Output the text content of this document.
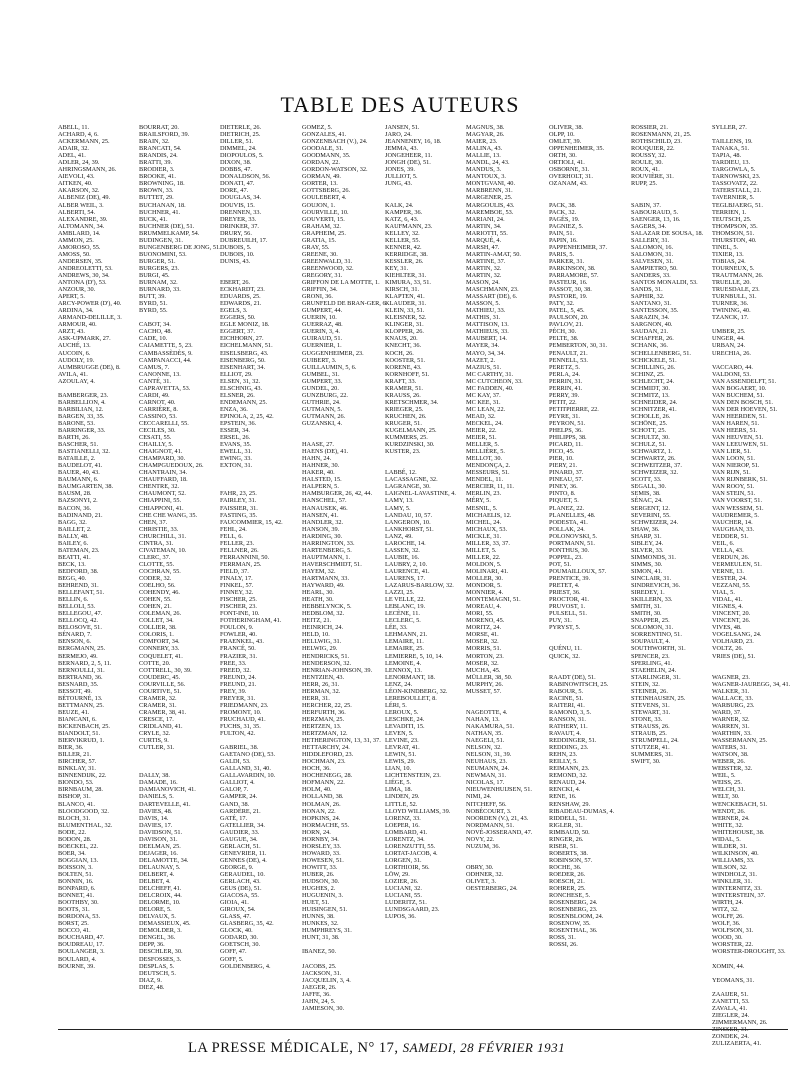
TABLE DES AUTEURS
ABELL, 11.
ACHARD, 4, 6.
ACKERMANN, 25.
ADAIR, 32.
ADEL, 41.
ADLER, 24, 39.
AHRINGSMANN, 26.
AIEVOLI, 43.
AITKEN, 40.
AKARSON, 32.
ALBENIZ (DE), 49.
ALBER WEIL, 3.
ALBERTI, 54.
ALEXANDRE, 39.
ALTOMANN, 34.
AMBLARD, 14.
AMMON, 25.
AMOROSO, 55.
AMOSS, 50.
ANDERSEN, 35.
ANDREOLETTI, 53.
ANDREWS, 30, 34.
ANTONA (D'), 53.
ANZOUR, 30.
APERT, 5.
ARCY-POWER (D'), 40.
ARDINA, 34.
ARMAND-DELILLE, 3.
ARMOUR, 40.
ARZT, 43.
ASK-UPMARK, 27.
AUCHÉ, 13.
AUCOIN, 6.
AUDOLY, 19.
AUMBRUGGE (DE), 8.
AVILA, 41.
AZOULAY, 4.

BAMBERGER, 23.
BARBELLION, 4.
BARBILIAN, 12.
BARGEN, 33, 35.
BARONE, 53.
BARRINGER, 33.
BARTH, 26.
BASCHER, 51.
BASTIANELLI, 32.
BATAILLE, 2.
BAUDELOT, 41.
BAUER, 40, 43.
BAUMANN, 6.
BAUMGARTEN, 38.
BAUSM, 28.
BAZSONYI, 2.
BACON, 36.
BADINAND, 21.
BAGG, 32.
BAILLET, 2.
BALLY, 48.
BAILEY, 6.
BATEMAN, 23.
BEATTI, 41.
BECK, 13.
BEDFORD, 38.
BEGG, 40.
BEHREND, 31.
BELLEFANT, 51.
BELLIN, 6.
BELLOLI, 53.
BELLEGOU, 47.
BELLOCQ, 42.
BELOSOVE, 51.
BÉNARD, 7.
BENSON, 6.
BERGMANN, 25.
BERMEJO, 49.
BERNARD, 2, 5, 11.
BERNOULLI, 31.
BERTRAND, 36.
BESNARD, 35.
BESSOT, 49.
BÉTOURNÉ, 13.
BETTMANN, 25.
BEUZE, 41.
BIANCANI, 6.
BICKENBACH, 25.
BIANDOLT, 51.
BIERVIKRUD, 1.
BIER, 36.
BILLER, 21.
BIRCHER, 57.
BINKLAY, 31.
BINNENDIJK, 22.
BIONDO, 53.
BIRNBAUM, 28.
BISHOP, 31.
BLANCO, 41.
BLOODGOOD, 32.
BLOCH, 31.
BLUMENTHAL, 32.
BODE, 22.
BODON, 28.
BOECKEL, 22.
BOER, 34.
BOGGIAN, 13.
BOISSON, 3.
BOLTEN, 51.
BONNIN, 16.
BONPARD, 6.
BONNET, 41.
BOOTHBY, 30.
BOOTS, 31.
BORDONA, 53.
BORST, 25.
BOCCO, 41.
BOUCHARD, 47.
BOUDREAU, 17.
BOULANGER, 3.
BOULARD, 4.
BOURNE, 39.
BOURRAT, 20.
BRAILSFORD, 39.
BRAIN, 32.
BRANCATI, 54.
BRANDIS, 24.
BRATTI, 39.
BRODIER, 3.
BROOKE, 41.
BROWNING, 18.
BROWN, 33.
BUTTET, 29.
BUCHANAN, 18.
BUCHNER, 41.
BUCK, 41.
BUCHNER (DE), 51.
BRUMMELKAMP, 54.
BUDINGEN, 31.
BUNGENBERG DE JONG, 51.
BUONOMINI, 53.
BURGER, 51.
BURGERS, 23.
BURGI, 45.
BURNAM, 32.
BURNARD, 33.
BUTT, 39.
BYRD, 51.
BYRD, 55.

CABOT, 34.
CACHO, 48.
CADE, 10.
CAIAMETTE, 5, 23.
CAMBASSÈDÈS, 9.
CAMPANACCI, 44.
CAMUS, 7.
CANONNE, 13.
CANTÉ, 31.
CAPRAVETTA, 53.
CARDI, 49.
CARNOT, 40.
CARRIÉRE, 8.
CASSINO, 53.
CECCARELLI, 55.
CECILES, 30.
CESATI, 55.
CHAILLY, 5.
CHAIGNOT, 41.
CHAMPARD, 30.
CHAMPGUEDOUX, 26.
CHANTRAIN, 34.
CHAUFFARD, 18.
CHENTRE, 32.
CHAUMONT, 52.
CHIAPPINI, 55.
CHIAPPONI, 41.
CHE CHE WANG, 35.
CHEN, 37.
CHRISTIE, 33.
CHURCHILL, 31.
CINTRA, 31.
CIVATEMAN, 10.
CLERC, 37.
CLOTTE, 55.
COCHRAN, 55.
CODER, 32.
COELHO, 56.
COHENDY, 46.
COHEN, 55.
COHEN, 21.
COLEMAN, 26.
COLLET, 34.
COLLIER, 38.
COLORIS, 1.
COMFORT, 34.
CONNERY, 33.
COQUELET, 41.
COTTE, 20.
COTTRELL, 30, 39.
COUDERC, 45.
COURVILLE, 56.
COURTIVE, 51.
CRAMER, 32.
CRAMER, 31.
CRAMER, 38, 41.
CRESCE, 17.
CRIDLAND, 41.
CRYLE, 32.
CURTIS, 9.
CUTLER, 31.

DALLY, 38.
DAMADE, 16.
DAMIANOVICH, 41.
DANIELS, 5.
DARTEVELLE, 41.
DAVIES, 48.
DAVIS, 14.
DAVIES, 17.
DAVIDSON, 51.
DAVISON, 31.
DEELMAN, 25.
DEJAGER, 16.
DELAMOTTE, 34.
DELAUNAY, 5.
DELBERT, 4.
DELBET, 4.
DELCHEFF, 41.
DELCROIX, 44.
DELORME, 10.
DELORE, 5.
DELVAUX, 5.
DEMASSIEUX, 45.
DEMOLDER, 3.
DENGEL, 36.
DEPP, 36.
DESCHLER, 30.
DESFOSSES, 3.
DESPLAS, 5.
DEUTSCH, 5.
DIAZ, 9.
DIEZ, 48.
DIETERLE, 26.
DIETRICH, 25.
DILLER, 51.
DIMMEL, 24.
DIOPOULOS, 5.
DIXON, 38.
DOBBS, 47.
DONALDSON, 56.
DONATI, 47.
DORE, 47.
DOUGLAS, 34.
DOUVIS, 15.
DRENNEN, 33.
DREYER, 33.
DRINKER, 37.
DRURY, 56.
DUBREUILH, 17.
DUBOIS, 5.
DUBOIS, 10.
DUNIS, 43.

EBERT, 26.
ECKHARDT, 23.
EDUARDS, 25.
EDWARDS, 21.
EGELS, 3.
EGGERS, 50.
EGLE MONIZ, 18.
EGGERT, 37.
EICHHORN, 27.
EICHELMANN, 51.
EISELSBERG, 43.
EISENBERG, 50.
EISENHART, 34.
ELLIOT, 29.
ELSEN, 31, 32.
ELSCHNIG, 43.
ELSNER, 26.
ENDEMANN, 25.
ENZA, 36.
EPINOLA, 2, 25, 42.
EPSTEIN, 36.
ESSER, 34.
ERSEL, 26.
EVANS, 35.
EWELL, 31.
EWING, 33.
EXTON, 31.

FAHR, 23, 25.
FAIRLEY, 31.
FAISSIER, 31.
FASTING, 35.
FAUCOMMIER, 15, 42.
FEHL, 24.
FELL, 6.
FELLER, 23.
FELLNER, 26.
FERRANNINI, 50.
FERRMAN, 25.
FIELD, 37.
FINALY, 17.
FINKEL, 57.
FINNEY, 32.
FISCHER, 25.
FISCHER, 23.
FONT-INE, 10.
FOTHERINGHAM, 41.
FOULON, 9.
FOWLER, 40.
FRAENKEL, 43.
FRANCÉ, 50.
FRAZIER, 31.
FREE, 33.
FREED, 32.
FREUND, 24.
FREUND, 21.
FREY, 39.
FREYER, 31.
FRIEDMANN, 23.
FROMONT, 10.
FRUCHAUD, 41.
FUCHS, 31, 35.
FULTON, 42.

GABRIEL, 38.
GAETANO (DE), 53.
GALDI, 53.
GALLAND, 31, 40.
GALLAVARDIN, 10.
GALLIOT, 4.
GALOP, 7.
GAMPER, 24.
GAND, 38.
GARDÈRE, 21.
GATÉ, 17.
GATELLIER, 34.
GAUDIER, 33.
GAUGUE, 34.
GERLACH, 51.
GENEVRIER, 11.
GENNES (DE), 4.
GEORGE, 9.
GERAUDEL, 10.
GERLACH, 43.
GEUS (DE), 51.
GIACOSA, 55.
GIOIA, 41.
GIROUX, 54.
GLASS, 47.
GLASBERG, 35, 42.
GLOCK, 40.
GODARD, 30.
GOETSCH, 30.
GOFF, 47.
GOFF, 5.
GOLDENBERG, 4.
GOMEZ, 5.
GONZALES, 41.
GONZENBACH (V.), 24.
GOODALE, 31.
GOODMANN, 35.
GORDAN, 22.
GORDON-WATSON, 32.
GORMAN, 49.
GORTER, 13.
GOTTSBERG, 26.
GOULEBERT, 4.
GOUJON, 1.
GOURVILLE, 10.
GOUVERTI, 15.
GRAHAM, 32.
GRAPHEIM, 25.
GRATIA, 15.
GRAY, 55.
GREENE, 30.
GREENWALD, 31.
GREENWOOD, 32.
GREGORY, 31.
GRIFFON DE LA MOTTE, 1.
GRIFFIN, 34.
GRONI, 36.
GRUNFELD DE BRAN-GER, 6.
GUMPERT, 44.
GUERIN, 10.
GUERRAZ, 48.
GUERIN, 3, 4.
GUIRAUD, 51.
GUERNIER, 1.
GUGGENHEIMER, 23.
GUIBERT, 3.
GUILLAUMIN, 5, 6.
GUMBEL, 31.
GUMPERT, 33.
GUNDEL, 20.
GUNZBURG, 22.
GUTHRIE, 24.
GUTMANN, 5.
GUTMANN, 26.
GUZANSKI, 4.

HAASE, 27.
HAENS (DE), 41.
HAHN, 24.
HAHNER, 30.
HAKER, 40.
HALSTED, 15.
HALPERN, 5.
HAMBURGER, 26, 42, 44.
HANSCHEL, 57.
HANAUSEK, 46.
HANSEN, 41.
HANDLER, 32.
HANSON, 39.
HARDING, 30.
HARRINGTON, 33.
HARTENBERG, 5.
HAUPTMANN, 1.
HAVERSCHMIDT, 51.
HAYEM, 32.
HARTMANN, 33.
HAYWARD, 49.
HEARL, 30.
HEATH, 30.
HEBBELYNCK, 5.
HEDBLOM, 32.
HEITZ, 21.
HEINRICH, 24.
HELD, 10.
HELLWIG, 31.
HELWIG, 29.
HENDRICKS, 51.
HENDERSON, 32.
HENRIAN-JOHNSON, 39.
HENTZIEN, 43.
HERR, 26, 31.
HERMAN, 32.
HERR, 31.
HERCHER, 22, 25.
HERFURTH, 36.
HERZMAN, 25.
HERTZEN, 13.
HERTZMAN, 12.
HETHERINGTON, 13, 31, 37.
HETTARCHY, 24.
HIDDLEFORD, 23.
HOCHMAN, 23.
HOCH, 36.
HOCHENEGG, 28.
HOFMANN, 22.
HOLM, 40.
HOLLAND, 38.
HOLMAN, 26.
HONAN, 22.
HOPKINS, 24.
HORMACHE, 55.
HORN, 24.
HORNBY, 34.
HORSLEY, 33.
HOWARD, 33.
HOWESEN, 51.
HOWITT, 33.
HUBER, 26.
HUDSON, 30.
HUGHES, 2.
HUGUENIN, 3.
HUET, 51.
HUISINGEN, 51.
HUNNS, 38.
HUNKES, 32.
HUMPHREYS, 31.
HUNT, 31, 38.

IBANEZ, 50.

JACOBS, 25.
JACKSON, 31.
JACQUELIN, 3, 4.
JAEGER, 26.
JAFFE, 36.
JAHN, 24, 5.
JAMIESON, 30.
JANSEN, 51.
JARO, 24.
JEANNENEY, 16, 18.
JEMMA, 43.
JONGEHEER, 11.
JONGH (DE), 51.
JONES, 39.
JULLIOT, 5.
JUNG, 43.

KALK, 24.
KAMPER, 36.
KATZ, 6, 43.
KAUFMANN, 23.
KELLEY, 32.
KELLER, 55.
KENNER, 42.
KERRIDGE, 38.
KESSLER, 26.
KEY, 31.
KIEHLTER, 31.
KIMURA, 33, 51.
KIRSCH, 31.
KLAPTEN, 41.
KLAUDER, 31.
KLEIN, 33, 51.
KLEISNER, 52.
KLINGER, 31.
KLOPPER, 26.
KNAUS, 20.
KNECHT, 36.
KOCH, 26.
KOOSTER, 51.
KORENE, 43.
KORNHOFF, 51.
KRAFT, 33.
KRAMER, 51.
KRAUSS, 26.
KRETSCHMER, 34.
KRIEGER, 25.
KRUCHEN, 26.
KRUGER, 51.
KUGELMANN, 25.
KUMMERS, 25.
KURDZINSKI, 30.
KUSTER, 23.

LABBÉ, 12.
LACASSAGNE, 32.
LAGRANGE, 30.
LAIGNEL-LAVASTINE, 4.
LAMY, 13.
LAMY, 5.
LANDAU, 10, 57.
LANGERON, 10.
LANKHORST, 51.
LANZ, 49.
LAROCHE, 14.
LASSEN, 32.
LAUBIE, 16.
LAUBRY, 2, 10.
LAURENCE, 41.
LAURENS, 17.
LAZARUS-BARLOW, 32.
LAZZI, 25.
LE VELLE, 22.
LEBLANC, 19.
LECÈNE, 11.
LECLERC, 5.
LÉE, 33.
LEHMANN, 21.
LEMAIRE, 11.
LEMAIRE, 25.
LEMIERRE, 5, 10, 14.
LEMOINE, 4.
LENNOX, 13.
LENORMANT, 18.
LENZ, 24.
LÉON-KINDBERG, 32.
LEREBOULLET, 8.
LÉRI, 5.
LEROUX, 5.
LESCHKE, 24.
LEVADITI, 15.
LEVEN, 5.
LEVINE, 23.
LEVRAT, 41.
LEWIN, 51.
LEWIS, 29.
LIAN, 10.
LICHTENSTEIN, 23.
LIÉGE, 5.
LIMA, 18.
LINDEN, 29.
LITTLE, 52.
LLOYD WILLIAMS, 39.
LORENZ, 33.
LOEPER, 16.
LOMBARD, 41.
LORENTZ, 34.
LORENZUTTI, 55.
LORTAT-JACOB, 4.
LORGEN, 31.
LORTHIOIR, 56.
LÖW, 29.
LOZIER, 26.
LUCIANI, 32.
LUCIANI, 55.
LUDERITZ, 51.
LUNDSGAARD, 23.
LUPOS, 36.
MAGNUS, 38.
MAGYAR, 26.
MAIER, 23.
MALINA, 43.
MALLIE, 13.
MANDL, 24, 43.
MANDUS, 3.
MANTOUX, 3.
MONTGVANI, 40.
MARBRENN, 31.
MARGENER, 25.
MARGOULIS, 43.
MAREMBOE, 53.
MARIANI, 24.
MARTIN, 34.
MARIOTTI, 55.
MARQUÉ, 4.
MARSH, 47.
MARTIN-AMAT, 50.
MARTINE, 37.
MARTIN, 32.
MARTIN, 32.
MASON, 24.
MASCHMANN, 23.
MASSART (DE), 6.
MASSON, 5.
MATHIEU, 33.
MATHIS, 31.
MATTISON, 13.
MATHIEUS, 33.
MAUBERT, 14.
MAYER, 34.
MAYO, 34, 34.
MAZET, 2.
MAZIUS, 51.
MC CARTHY, 31.
MC CUTCHEON, 33.
MC FADDEN, 40.
MC KAY, 37.
MC KEE, 31.
MC LEAN, 22.
MEAD, 32.
MECKEL, 24.
MEIER, 22.
MEIER, 51.
MELLER, 5.
MELLIÈRE, 5.
MELLOT, 30.
MENDONÇA, 2.
MESSEURS, 51.
MENDEL, 11.
MERCIER, 11, 11.
MERLIN, 23.
MÉRY, 5.
MESNIL, 5.
MICHAELIS, 12.
MICHEL, 24.
MICHAUX, 53.
MICKLE, 31.
MILLER, 33, 37.
MILLET, 5.
MILLER, 22.
MOLDON, 5.
MOLINARI, 41.
MOLLER, 30.
MONDOR, 5.
MONNIER, 4.
MONTEMAGNI, 51.
MOREAU, 4.
MORI, 55.
MORENO, 45.
MORITZ, 24.
MORSE, 41.
MOSER, 32.
MORRIS, 51.
MORTON, 23.
MOSER, 32.
MUCHA, 45.
MÜLLER, 38, 50.
MURPHY, 26.
MUSSET, 57.

NAGEOTTE, 4.
NAHAN, 13.
NAKAMURA, 51.
NATHAN, 35.
NAEGELI, 51.
NELSON, 32.
NELSON, 31, 39.
NEUHAUS, 23.
NEUMANN, 24.
NEWMAN, 31.
NICOLAS, 17.
NIEUWENHUIJSEN, 51.
NIMI, 24.
NITCHEFF, 56.
NOBÉCOURT, 3.
NOORDEN (V.), 21, 43.
NORDMANN, 51.
NOVÉ-JOSSERAND, 47.
NOVY, 22.
NUZUM, 36.

OBRY, 30.
ODHNER, 32.
OLIVET, 3.
OESTERBERG, 24.
OLIVER, 38.
OLPP, 10.
OMLET, 39.
OPPENHEIMER, 35.
ORTH, 30.
ORTIOLI, 41.
OSBORNE, 31.
OVERHOLT, 31.
OZANAM, 43.

PACK, 38.
PACK, 32.
PAGÉS, 19.
PAGNIEZ, 5.
PAIN, 51.
PAPIN, 16.
PAPPENHEIMER, 37.
PARIS, 5.
PARKER, 31.
PARKINSON, 38.
PARRAMORE, 57.
PASTEUR, 16.
PASSOT, 30, 38.
PASTORE, 19.
PATY, 32.
PATEL, 5, 45.
PAULSON, 20.
PAVLOV, 21.
PÉCH, 30.
PELTE, 38.
PEMBERTON, 30, 31.
PENAULT, 21.
PENNELL, 53.
PERETZ, 5.
PERLA, 24.
PERRIN, 31.
PERRIN, 41.
PERRY, 39.
PETIT, 22.
PETITPIERRE, 22.
PEYRE, 31.
PEYRON, 51.
PHELPS, 36.
PHILIPPS, 38.
PICARD, 11.
PICO, 45.
PIER, 10.
PIERY, 21.
PINARD, 37.
PINEAU, 57.
PINEY, 36.
PINTO, 8.
PIQUET, 5.
PLANEZ, 22.
PLANELLES, 48.
PODESTA, 41.
POLLAK, 24.
POLONOVSKI, 5.
PORTMANN, 51.
PONTHUS, 30.
POPPEL, 23.
POT, 51.
POUMAILLOUX, 57.
PRENTICE, 39.
PRETET, 4.
PRIEST, 36.
PROCTOR, 41.
PRUVOST, 1.
PULSELL, 51.
PUY, 31.
PYRYST, 5.

QUÉNU, 11.
QUICK, 32.

RAADT (DE), 51.
RABINOWITSCH, 25.
RABOUR, 5.
RACINE, 51.
RAITERI, 41.
RAMOND, 3, 5.
RANSON, 31.
RATHERY, 11.
RAVAUT, 4.
REDDINGER, 51.
REDDING, 23.
REHN, 23.
REILLY, 5.
REIMANN, 23.
REMOND, 32.
RENAUD, 24.
RENCKI, 4.
RENE, 16.
RENSHAW, 29.
RIBADEAU-DUMAS, 4.
RIDDELL, 51.
RIGLER, 31.
RIMBAUD, 50.
RINGER, 26.
RISER, 51.
ROBERTS, 38.
ROBINSON, 57.
ROCHE, 36.
ROEDER, 26.
ROESCH, 21.
ROHRER, 25.
RONCHESE, 5.
ROSENBERG, 24.
ROSENBERG, 23.
ROSENBLOOM, 24.
ROSENOW, 35.
ROSENTHAL, 36.
ROSS, 31.
ROSSI, 26.
ROSSIER, 21.
ROSENMANN, 21, 25.
ROTHSCHILD, 23.
ROUQUIER, 22.
ROUSSY, 32.
ROULE, 30.
ROUX, 41.
ROUVIÈRE, 31.
RUPP, 25.

SABIN, 37.
SABOURAUD, 5.
SAENGER, 13, 16.
SAGERS, 34.
SALAZAR DE SOUSA, 18.
SALLERY, 31.
SALOMON, 16.
SALOMON, 31.
SALVESEN, 31.
SAMPIETRO, 50.
SANDERS, 33.
SANTOS MONALDI, 53.
SANDS, 31.
SAPHIR, 32.
SANTANO, 31.
SANTESSON, 35.
SARAZIN, 34.
SARGNON, 40.
SAUDAN, 21.
SCHAFFER, 26.
SCHANK, 36.
SCHELLENBERG, 51.
SCHICKELE, 51.
SCHILLING, 26.
SCHINZ, 25.
SCHLECHT, 24.
SCHMIDT, 30.
SCHMITZ, 13.
SCHNEIDER, 24.
SCHNITZER, 41.
SCHOLLE, 26.
SCHÖNE, 25.
SCHOTT, 25.
SCHULTZ, 30.
SCHULZ, 51.
SCHWARTZ, 1.
SCHWARTZ, 26.
SCHWEITZER, 37.
SCHWEIZER, 32.
SCOTT, 33.
SEGALL, 30.
SEMIS, 38.
SÉNAC, 24.
SERGENT, 12.
SEVERINI, 55.
SCHWEIZER, 24.
SHAW, 36.
SHARP, 31.
SIBLEY, 24.
SILVER, 33.
SIMMONDS, 31.
SIMMS, 30.
SIMON, 41.
SINCLAIR, 31.
SINDREVICH, 36.
SIREDEY, 1.
SKILLERN, 33.
SMITH, 31.
SMITH, 30.
SNAPPER, 25.
SOLOMON, 31.
SORRENTINO, 51.
SOUPAULT, 4.
SOUTHWORTH, 31.
SPENCER, 23.
SPERLING, 41.
STAEHELIN, 24.
STARLINGER, 31.
STEIN, 32.
STEINER, 26.
STEINHAUSEN, 25.
STEVENS, 31.
STEWART, 31.
STONE, 33.
STRAUSS, 26.
STRAUB, 25.
STRUMPELL, 24.
STUTZER, 41.
SUMMERS, 31.
SWIFT, 30.
SYLLER, 27.

TAILLENS, 19.
TANAKA, 51.
TAPIA, 48.
TARDIEU, 13.
TARGOWLA, 5.
TARNOWSKI, 23.
TASSOVATZ, 22.
TATERSTALL, 21.
TAVERNIER, 5.
TEGLBJAERG, 51.
TERRIEN, 1.
TEUTSCH, 25.
THOMPSON, 35.
THOMSON, 51.
THURSTON, 40.
TINEL, 5.
TIXIER, 13.
TOBIAS, 24.
TOURNEUX, 5.
TRAUTMANN, 26.
TRUELLE, 20.
TRUESDALE, 23.
TURNBULL, 31.
TURNER, 36.
TWINING, 40.
TZANCK, 17.

UMBER, 25.
UNGER, 44.
URBAN, 24.
URECHIA, 26.

VACCARO, 44.
VALDONI, 53.
VAN ASSENDELFT, 51.
VAN BOGAERT, 10.
VAN BUCHEM, 51.
VAN DEN BOSCH, 51.
VAN DER HOEVEN, 51.
VAN HEERDEN, 51.
VAN HAREN, 51.
VAN HEERS, 51.
VAN HEUVEN, 51.
VAN LEEUWEN, 51.
VAN LIER, 51.
VAN LOON, 51.
VAN NIEROP, 51.
VAN RIJN, 51.
VAN RIJNBERK, 51.
VAN ROOY, 51.
VAN STEIN, 51.
VAN VOORST, 51.
VAN WESSEM, 51.
VAUDREMER, 5.
VAUCHER, 14.
VAUGHAN, 33.
VEDDER, 51.
VEIL, 6.
VELLA, 43.
VERDUN, 26.
VERMEULEN, 51.
VERNE, 13.
VESTER, 24.
VEZZANI, 55.
VIAL, 5.
VIDAL, 41.
VIGNES, 4.
VINCENT, 20.
VINCENT, 26.
VIVES, 48.
VOGELSANG, 24.
VOLHARD, 23.
VOLTZ, 26.
VRIES (DE), 51.

WAGNER, 23.
WAGNER-JAUREGG, 34, 41.
WALKER, 31.
WALLACE, 33.
WARBURG, 23.
WARD, 37.
WARNER, 32.
WARREN, 31.
WARTHIN, 33.
WASSERMANN, 25.
WATERS, 31.
WATSON, 38.
WEBER, 26.
WEBSTER, 32.
WEIL, 5.
WEISS, 25.
WELCH, 31.
WELT, 30.
WENCKEBACH, 51.
WENDT, 26.
WERNER, 24.
WHITE, 32.
WHITEHOUSE, 38.
WIDAL, 5.
WILDER, 31.
WILKINSON, 40.
WILLIAMS, 33.
WILSON, 32.
WINDHOLZ, 31.
WINKLER, 31.
WINTERNITZ, 33.
WINTERSTEIN, 37.
WIRTH, 24.
WITZ, 32.
WOLFF, 26.
WOLF, 36.
WOLFSON, 31.
WOOD, 30.
WORSTER, 22.
WORSTER-DROUGHT, 33.

XOMIN, 44.

YEOMANS, 31.

ZAAIJER, 51.
ZANETTI, 53.
ZAVALA, 41.
ZIEGLER, 24.
ZIMMERMANN, 26.
ZONDEK, 24.
ZULIZAERTA, 41.
LA PRESSE MÉDICALE, N° 17, SAMEDI, 28 FÉVRIER 1931
